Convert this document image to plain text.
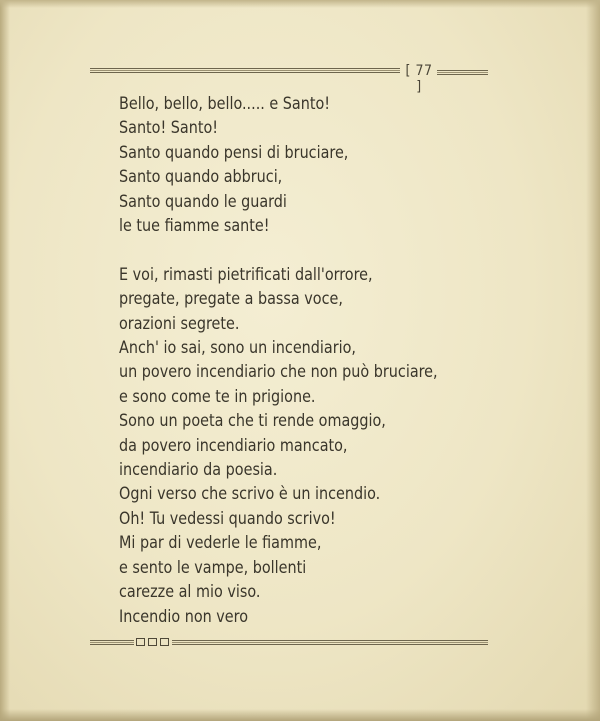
[ 77 ]
Bello, bello, bello..... e Santo!
Santo! Santo!
Santo quando pensi di bruciare,
Santo quando abbruci,
Santo quando le guardi
le tue fiamme sante!
E voi, rimasti pietrificati dall'orrore,
pregate, pregate a bassa voce,
orazioni segrete.
Anch' io sai, sono un incendiario,
un povero incendiario che non può bruciare,
e sono come te in prigione.
Sono un poeta che ti rende omaggio,
da povero incendiario mancato,
incendiario da poesia.
Ogni verso che scrivo è un incendio.
Oh! Tu vedessi quando scrivo!
Mi par di vederle le fiamme,
e sento le vampe, bollenti
carezze al mio viso.
Incendio non vero
